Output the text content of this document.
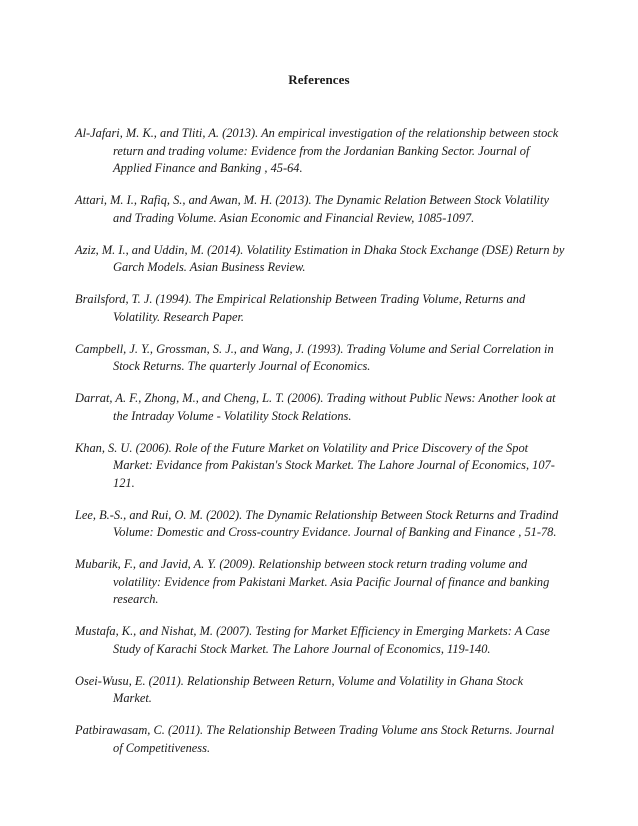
References

Al-Jafari, M. K., and Tliti, A. (2013). An empirical investigation of the relationship between stock return and trading volume: Evidence from the Jordanian Banking Sector. Journal of Applied Finance and Banking , 45-64.

Attari, M. I., Rafiq, S., and Awan, M. H. (2013). The Dynamic Relation Between Stock Volatility and Trading Volume. Asian Economic and Financial Review, 1085-1097.

Aziz, M. I., and Uddin, M. (2014). Volatility Estimation in Dhaka Stock Exchange (DSE) Return by Garch Models. Asian Business Review.

Brailsford, T. J. (1994). The Empirical Relationship Between Trading Volume, Returns and Volatility. Research Paper.

Campbell, J. Y., Grossman, S. J., and Wang, J. (1993). Trading Volume and Serial Correlation in Stock Returns. The quarterly Journal of Economics.

Darrat, A. F., Zhong, M., and Cheng, L. T. (2006). Trading without Public News: Another look at the Intraday Volume - Volatility Stock Relations.

Khan, S. U. (2006). Role of the Future Market on Volatility and Price Discovery of the Spot Market: Evidance from Pakistan's Stock Market. The Lahore Journal of Economics, 107-121.

Lee, B.-S., and Rui, O. M. (2002). The Dynamic Relationship Between Stock Returns and Tradind Volume: Domestic and Cross-country Evidance. Journal of Banking and Finance , 51-78.

Mubarik, F., and Javid, A. Y. (2009). Relationship between stock return trading volume and volatility: Evidence from Pakistani Market. Asia Pacific Journal of finance and banking research.

Mustafa, K., and Nishat, M. (2007). Testing for Market Efficiency in Emerging Markets: A Case Study of Karachi Stock Market. The Lahore Journal of Economics, 119-140.

Osei-Wusu, E. (2011). Relationship Between Return, Volume and Volatility in Ghana Stock Market.

Patbirawasam, C. (2011). The Relationship Between Trading Volume ans Stock Returns. Journal of Competitiveness.
